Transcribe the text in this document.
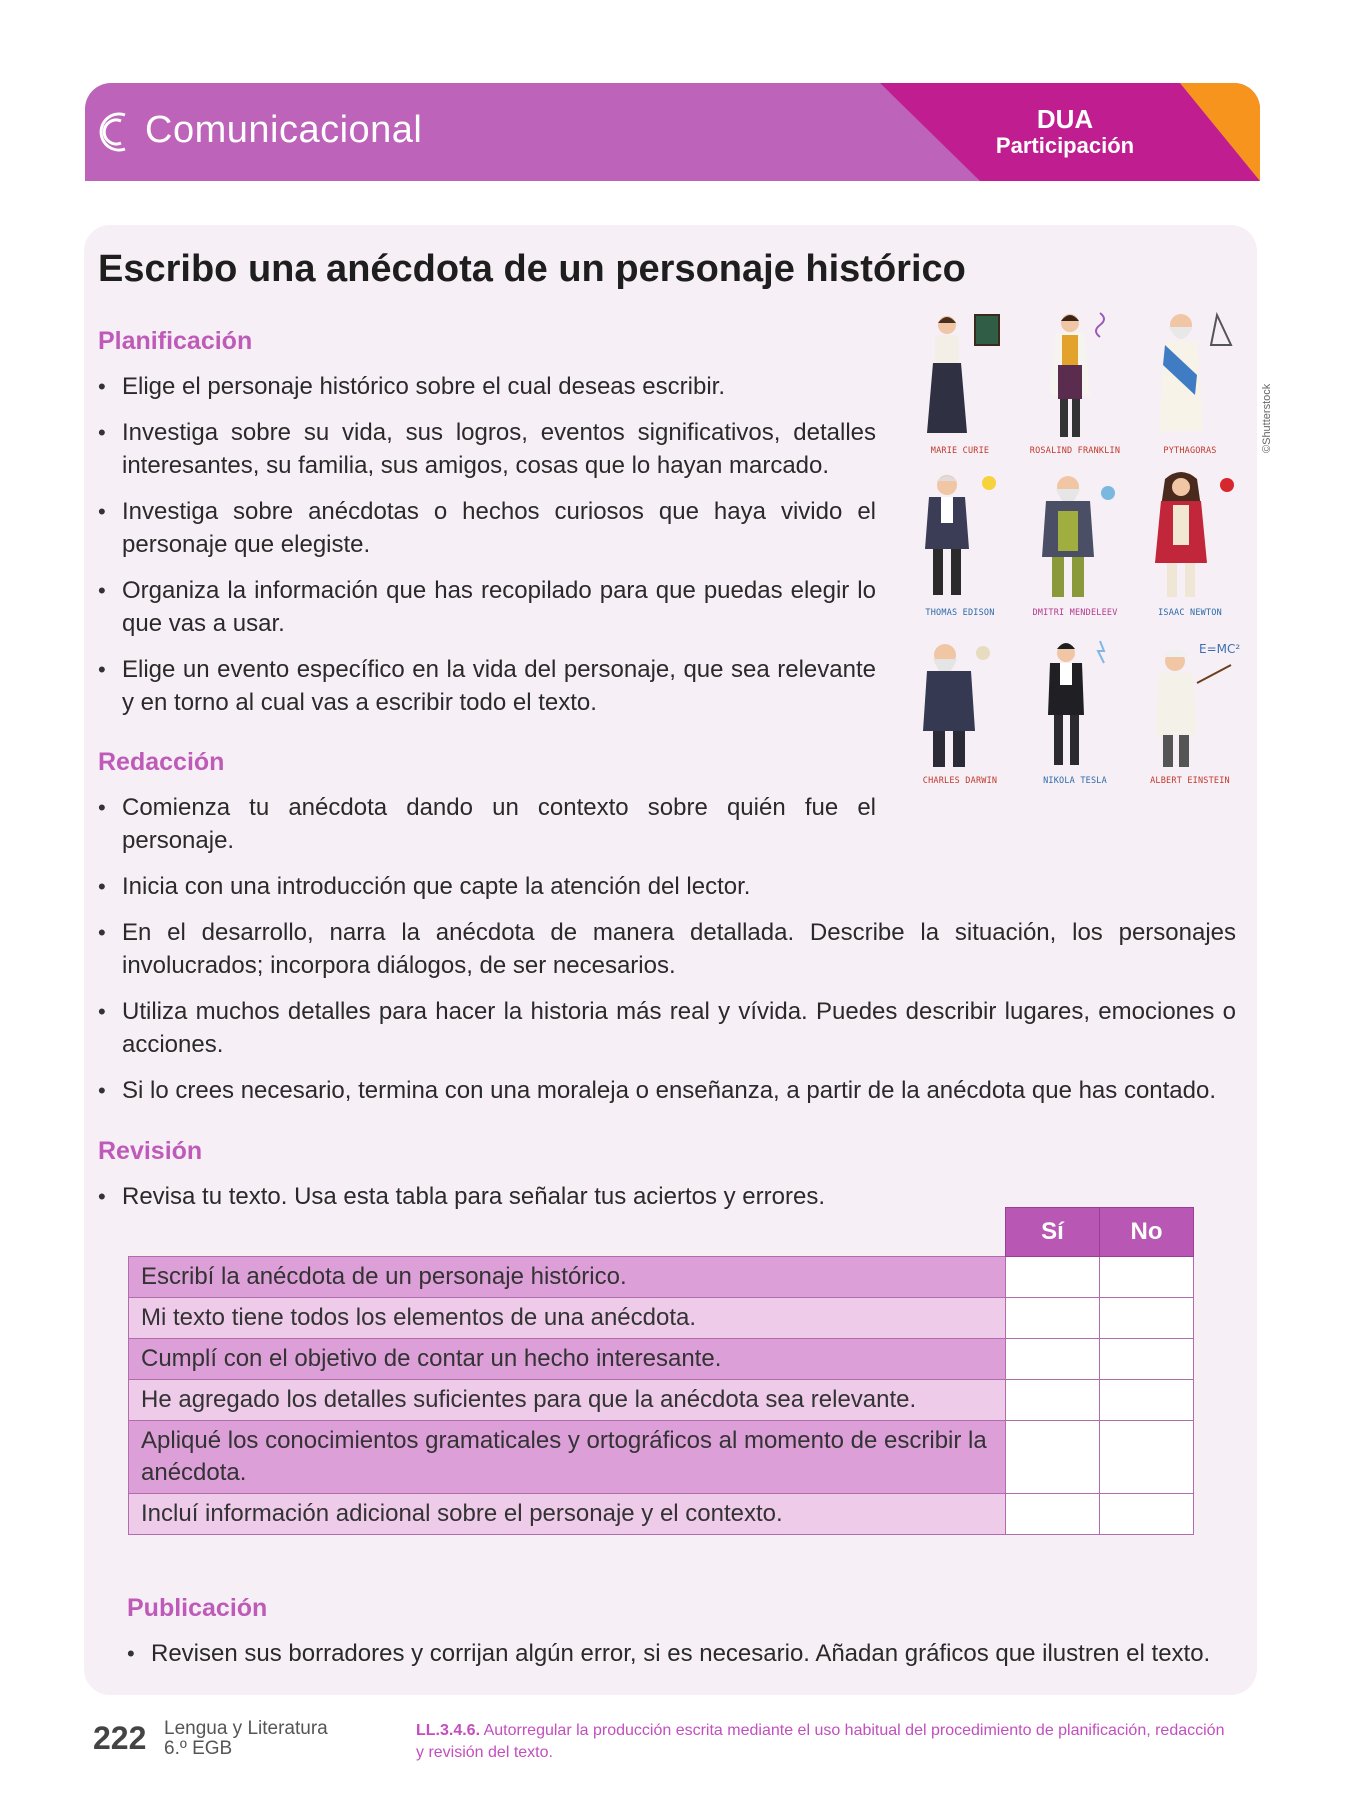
Comunicacional	DUA
Participación
Escribo una anécdota de un personaje histórico
Planificación
• Elige el personaje histórico sobre el cual deseas escribir.
• Investiga sobre su vida, sus logros, eventos significativos, detalles interesantes, su familia, sus amigos, cosas que lo hayan marcado.
• Investiga sobre anécdotas o hechos curiosos que haya vivido el personaje que elegiste.
• Organiza la información que has recopilado para que puedas elegir lo que vas a usar.
• Elige un evento específico en la vida del personaje, que sea relevante y en torno al cual vas a escribir todo el texto.
MARIE CURIE	ROSALIND FRANKLIN	PYTHAGORAS
THOMAS EDISON	DMITRI MENDELEEV	ISAAC NEWTON
CHARLES DARWIN	NIKOLA TESLA
E=MC²
ALBERT EINSTEIN
©Shutterstock
Redacción
• Comienza tu anécdota dando un contexto sobre quién fue el personaje.
• Inicia con una introducción que capte la atención del lector.
• En el desarrollo, narra la anécdota de manera detallada. Describe la situación, los personajes involucrados; incorpora diálogos, de ser necesarios.
• Utiliza muchos detalles para hacer la historia más real y vívida. Puedes describir lugares, emociones o acciones.
• Si lo crees necesario, termina con una moraleja o enseñanza, a partir de la anécdota que has contado.
Revisión
• Revisa tu texto. Usa esta tabla para señalar tus aciertos y errores.
	Sí	No
Escribí la anécdota de un personaje histórico.		
Mi texto tiene todos los elementos de una anécdota.		
Cumplí con el objetivo de contar un hecho interesante.		
He agregado los detalles suficientes para que la anécdota sea relevante.		
Apliqué los conocimientos gramaticales y ortográficos al momento de escribir la anécdota.		
Incluí información adicional sobre el personaje y el contexto.		
Publicación
• Revisen sus borradores y corrijan algún error, si es necesario. Añadan gráficos que ilustren el texto.
222 Lengua y Literatura
6.º EGB
LL.3.4.6. Autorregular la producción escrita mediante el uso habitual del procedimiento de planificación, redacción y revisión del texto.
